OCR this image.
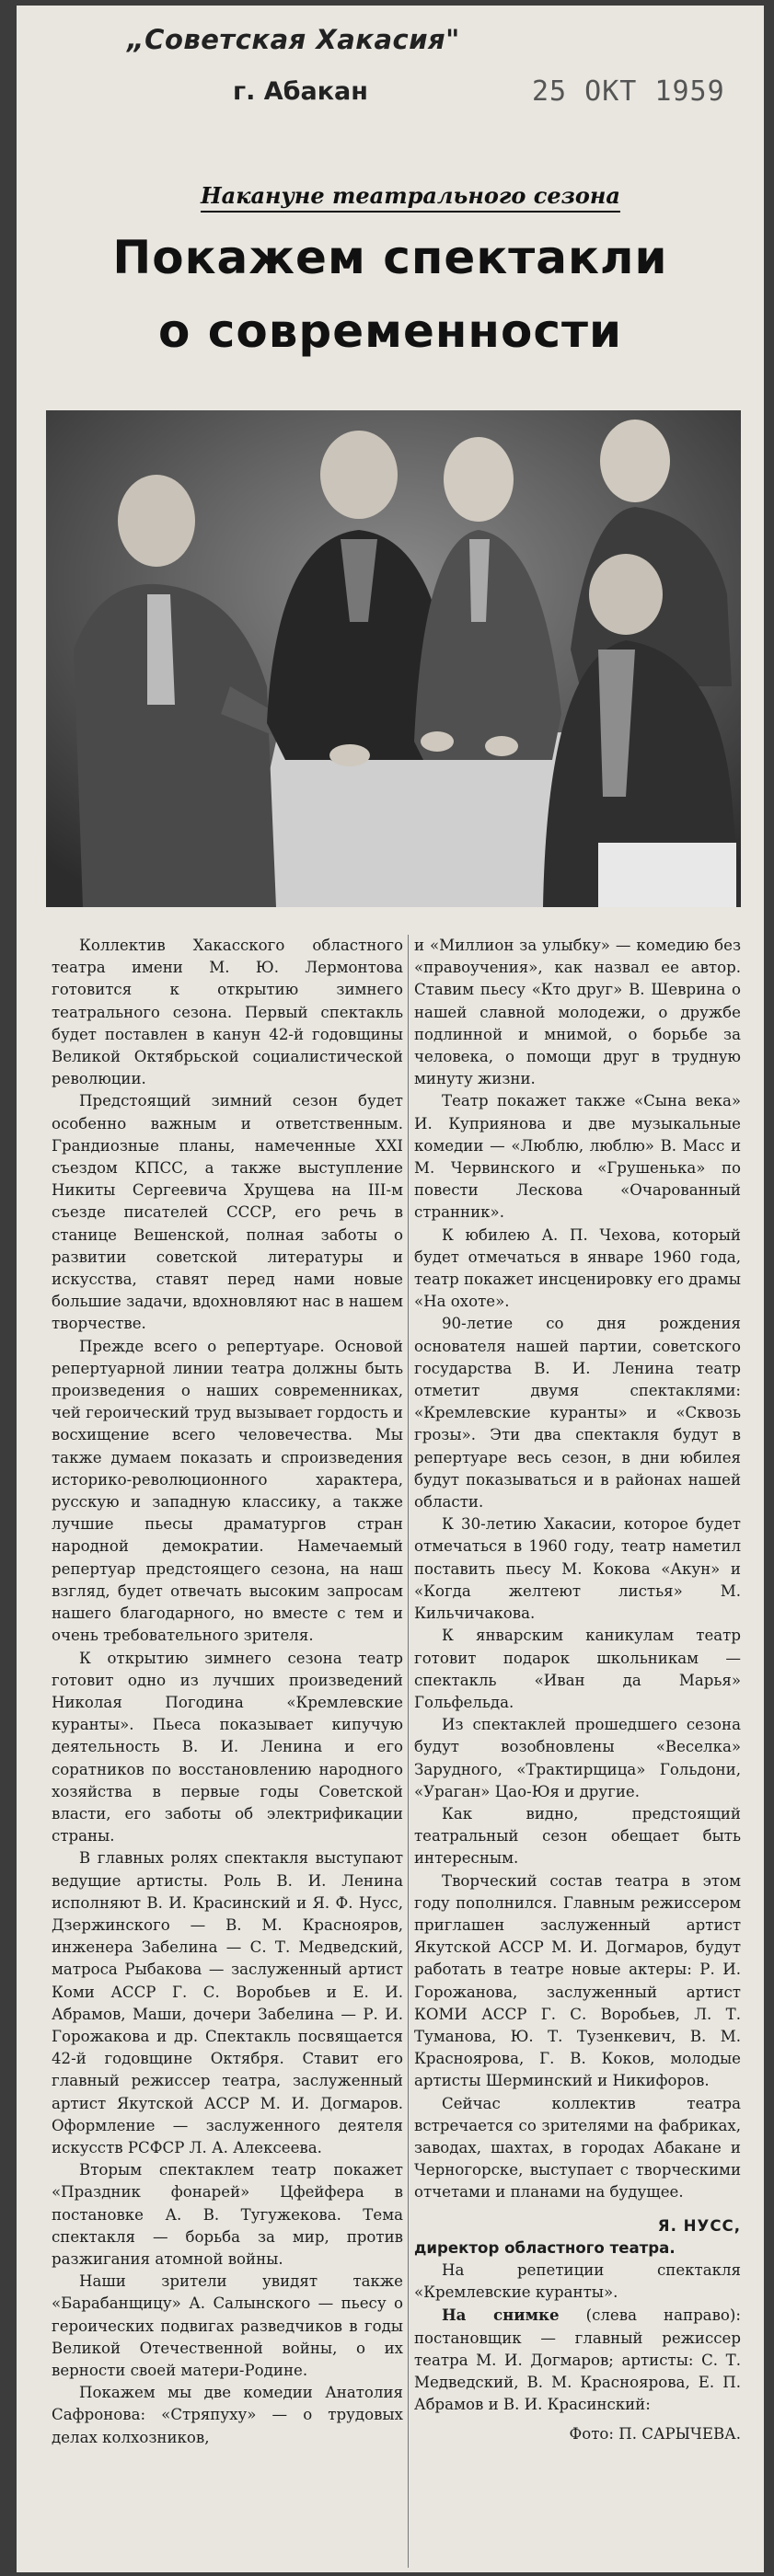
„Советская Хакасия"
г. Абакан	25 OKT 1959
Накануне театрального сезона
Покажем спектакли
о современности

Коллектив Хакасского областного театра имени М. Ю. Лермонтова готовится к открытию зимнего театрального сезона. Первый спектакль будет поставлен в канун 42-й годовщины Великой Октябрьской социалистической революции.

Предстоящий зимний сезон будет особенно важным и ответственным. Грандиозные планы, намеченные XXI съездом КПСС, а также выступление Никиты Сергеевича Хрущева на III-м съезде писателей СССР, его речь в станице Вешенской, полная заботы о развитии советской литературы и искусства, ставят перед нами новые большие задачи, вдохновляют нас в нашем творчестве.

Прежде всего о репертуаре. Основой репертуарной линии театра должны быть произведения о наших современниках, чей героический труд вызывает гордость и восхищение всего человечества. Мы также думаем показать и спроизведения историко-революционного характера, русскую и западную классику, а также лучшие пьесы драматургов стран народной демократии. Намечаемый репертуар предстоящего сезона, на наш взгляд, будет отвечать высоким запросам нашего благодарного, но вместе с тем и очень требовательного зрителя.

К открытию зимнего сезона театр готовит одно из лучших произведений Николая Погодина «Кремлевские куранты». Пьеса показывает кипучую деятельность В. И. Ленина и его соратников по восстановлению народного хозяйства в первые годы Советской власти, его заботы об электрификации страны.

В главных ролях спектакля выступают ведущие артисты. Роль В. И. Ленина исполняют В. И. Красинский и Я. Ф. Нусс, Дзержинского — В. М. Краснояров, инженера Забелина — С. Т. Медведский, матроса Рыбакова — заслуженный артист Коми АССР Г. С. Воробьев и Е. И. Абрамов, Маши, дочери Забелина — Р. И. Горожакова и др. Спектакль посвящается 42-й годовщине Октября. Ставит его главный режиссер театра, заслуженный артист Якутской АССР М. И. Догмаров. Оформление — заслуженного деятеля искусств РСФСР Л. А. Алексеева.

Вторым спектаклем театр покажет «Праздник фонарей» Цфейфера в постановке А. В. Тугужекова. Тема спектакля — борьба за мир, против разжигания атомной войны.

Наши зрители увидят также «Барабанщицу» А. Салынского — пьесу о героических подвигах разведчиков в годы Великой Отечественной войны, о их верности своей матери-Родине.

Покажем мы две комедии Анатолия Сафронова: «Стряпуху» — о трудовых делах колхозников,

и «Миллион за улыбку» — комедию без «правоучения», как назвал ее автор. Ставим пьесу «Кто друг» В. Шеврина о нашей славной молодежи, о дружбе подлинной и мнимой, о борьбе за человека, о помощи друг в трудную минуту жизни.

Театр покажет также «Сына века» И. Куприянова и две музыкальные комедии — «Люблю, люблю» В. Масс и М. Червинского и «Грушенька» по повести Лескова «Очарованный странник».

К юбилею А. П. Чехова, который будет отмечаться в январе 1960 года, театр покажет инсценировку его драмы «На охоте».

90-летие со дня рождения основателя нашей партии, советского государства В. И. Ленина театр отметит двумя спектаклями: «Кремлевские куранты» и «Сквозь грозы». Эти два спектакля будут в репертуаре весь сезон, в дни юбилея будут показываться и в районах нашей области.

К 30-летию Хакасии, которое будет отмечаться в 1960 году, театр наметил поставить пьесу М. Кокова «Акун» и «Когда желтеют листья» М. Кильчичакова.

К январским каникулам театр готовит подарок школьникам — спектакль «Иван да Марья» Гольфельда.

Из спектаклей прошедшего сезона будут возобновлены «Веселка» Зарудного, «Трактирщица» Гольдони, «Ураган» Цао-Юя и другие.

Как видно, предстоящий театральный сезон обещает быть интересным.

Творческий состав театра в этом году пополнился. Главным режиссером приглашен заслуженный артист Якутской АССР М. И. Догмаров, будут работать в театре новые актеры: Р. И. Горожанова, заслуженный артист КОМИ АССР Г. С. Воробьев, Л. Т. Туманова, Ю. Т. Тузенкевич, В. М. Красноярова, Г. В. Коков, молодые артисты Шерминский и Никифоров.

Сейчас коллектив театра встречается со зрителями на фабриках, заводах, шахтах, в городах Абакане и Черногорске, выступает с творческими отчетами и планами на будущее.

Я. НУСС,

директор областного театра.

На репетиции спектакля «Кремлевские куранты».

На снимке (слева направо): постановщик — главный режиссер театра М. И. Догмаров; артисты: С. Т. Медведский, В. М. Красноярова, Е. П. Абрамов и В. И. Красинский:

Фото: П. САРЫЧЕВА.
